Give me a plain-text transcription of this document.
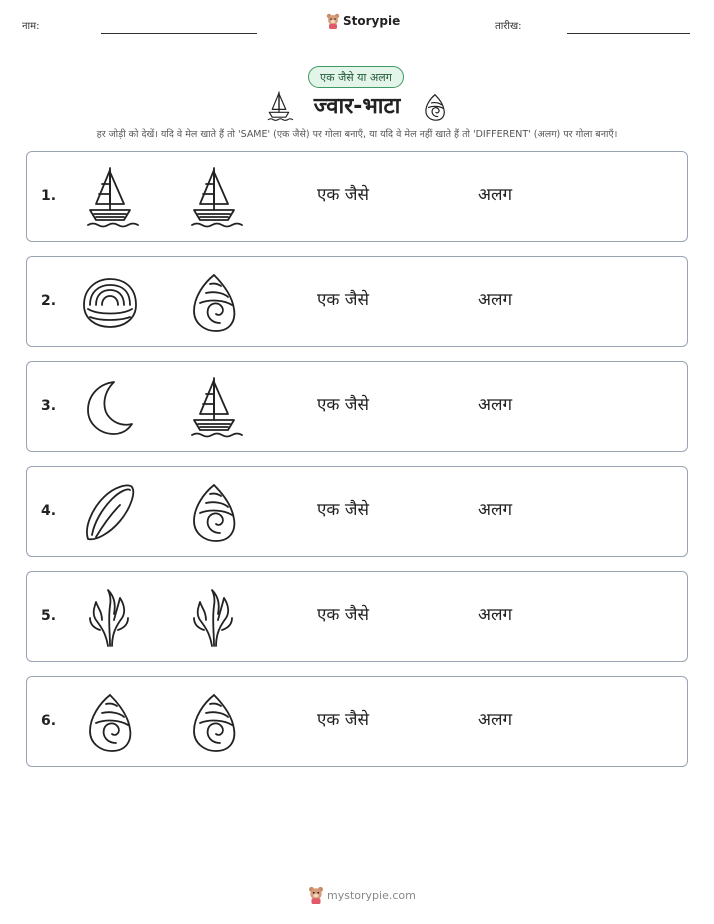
नाम:	Storypie	तारीख:
एक जैसे या अलग
ज्वार-भाटा
हर जोड़ी को देखें। यदि वे मेल खाते हैं तो 'SAME' (एक जैसे) पर गोला बनाएँ, या यदि वे मेल नहीं खाते हैं तो 'DIFFERENT' (अलग) पर गोला बनाएँ।
1.	एक जैसे	अलग
2.	एक जैसे	अलग
3.	एक जैसे	अलग
4.	एक जैसे	अलग
5.	एक जैसे	अलग
6.	एक जैसे	अलग
mystorypie.com
